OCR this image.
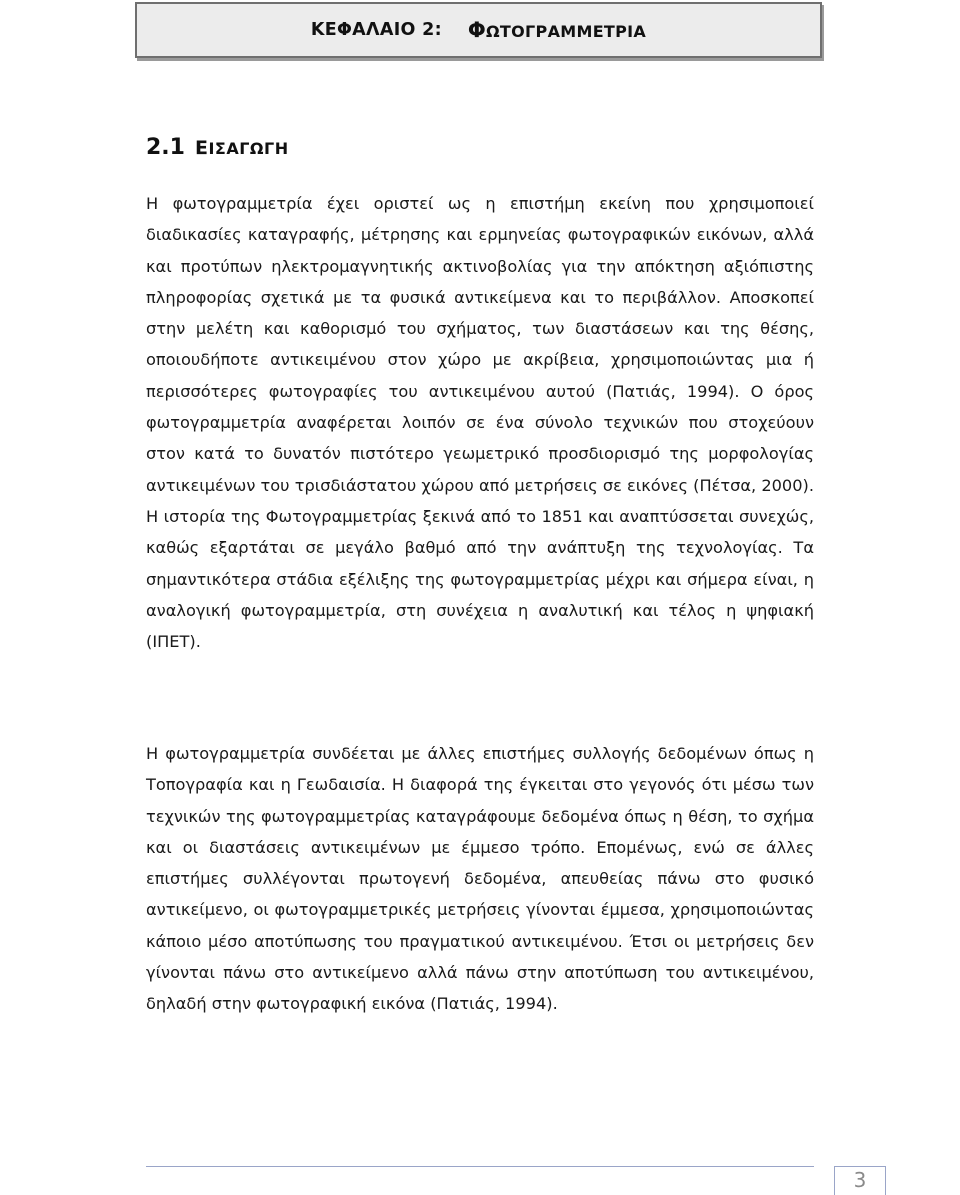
ΚΕΦΑΛΑΙΟ 2: ΦΩΤΟΓΡΑΜΜΕΤΡΙΑ
2.1 ΕΙΣΑΓΩΓΗ

Η φωτογραμμετρία έχει οριστεί ως η επιστήμη εκείνη που χρησιμοποιεί διαδικασίες καταγραφής, μέτρησης και ερμηνείας φωτογραφικών εικόνων, αλλά και προτύπων ηλεκτρομαγνητικής ακτινοβολίας για την απόκτηση αξιόπιστης πληροφορίας σχετικά με τα φυσικά αντικείμενα και το περιβάλλον. Αποσκοπεί στην μελέτη και καθορισμό του σχήματος, των διαστάσεων και της θέσης, οποιουδήποτε αντικειμένου στον χώρο με ακρίβεια, χρησιμοποιώντας μια ή περισσότερες φωτογραφίες του αντικειμένου αυτού (Πατιάς, 1994). Ο όρος φωτογραμμετρία αναφέρεται λοιπόν σε ένα σύνολο τεχνικών που στοχεύουν στον κατά το δυνατόν πιστότερο γεωμετρικό προσδιορισμό της μορφολογίας αντικειμένων του τρισδιάστατου χώρου από μετρήσεις σε εικόνες (Πέτσα, 2000). Η ιστορία της Φωτογραμμετρίας ξεκινά από το 1851 και αναπτύσσεται συνεχώς, καθώς εξαρτάται σε μεγάλο βαθμό από την ανάπτυξη της τεχνολογίας. Τα σημαντικότερα στάδια εξέλιξης της φωτογραμμετρίας μέχρι και σήμερα είναι, η αναλογική φωτογραμμετρία, στη συνέχεια η αναλυτική και τέλος η ψηφιακή (ΙΠΕΤ).

Η φωτογραμμετρία συνδέεται με άλλες επιστήμες συλλογής δεδομένων όπως η Τοπογραφία και η Γεωδαισία. Η διαφορά της έγκειται στο γεγονός ότι μέσω των τεχνικών της φωτογραμμετρίας καταγράφουμε δεδομένα όπως η θέση, το σχήμα και οι διαστάσεις αντικειμένων με έμμεσο τρόπο. Επομένως, ενώ σε άλλες επιστήμες συλλέγονται πρωτογενή δεδομένα, απευθείας πάνω στο φυσικό αντικείμενο, οι φωτογραμμετρικές μετρήσεις γίνονται έμμεσα, χρησιμοποιώντας κάποιο μέσο αποτύπωσης του πραγματικού αντικειμένου. Έτσι οι μετρήσεις δεν γίνονται πάνω στο αντικείμενο αλλά πάνω στην αποτύπωση του αντικειμένου, δηλαδή στην φωτογραφική εικόνα (Πατιάς, 1994).

3
